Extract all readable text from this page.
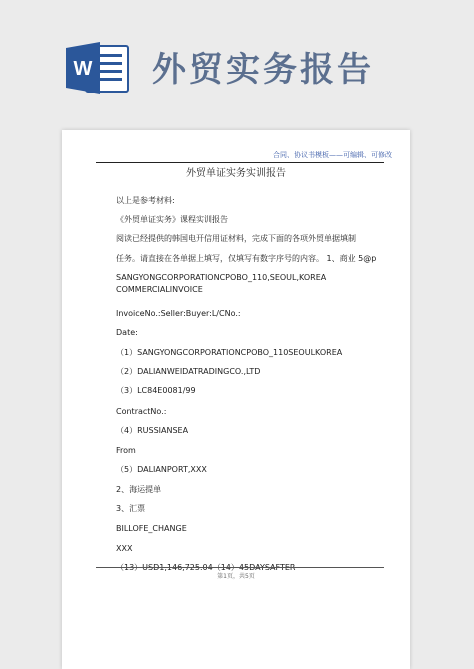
W 外贸实务报告
合同、协议书模板——可编辑、可修改
外贸单证实务实训报告
以上是参考材料:
《外贸单证实务》课程实训报告
阅读已经提供的韩国电开信用证材料，完成下面的各项外贸单据填制
任务。请直接在各单据上填写，仅填写有数字序号的内容。 1、商业 5@p
SANGYONGCORPORATIONCPOBO_110,SEOUL,KOREA
COMMERCIALINVOICE
InvoiceNo.:Seller:Buyer:L/CNo.:
Date:
（1）SANGYONGCORPORATIONCPOBO_110SEOULKOREA
（2）DALIANWEIDATRADINGCO.,LTD
（3）LC84E0081/99
ContractNo.:
（4）RUSSIANSEA
From
（5）DALIANPORT,XXX
2、海运提单
3、汇票
BILLOFE_CHANGE
XXX
第1页，共5页
